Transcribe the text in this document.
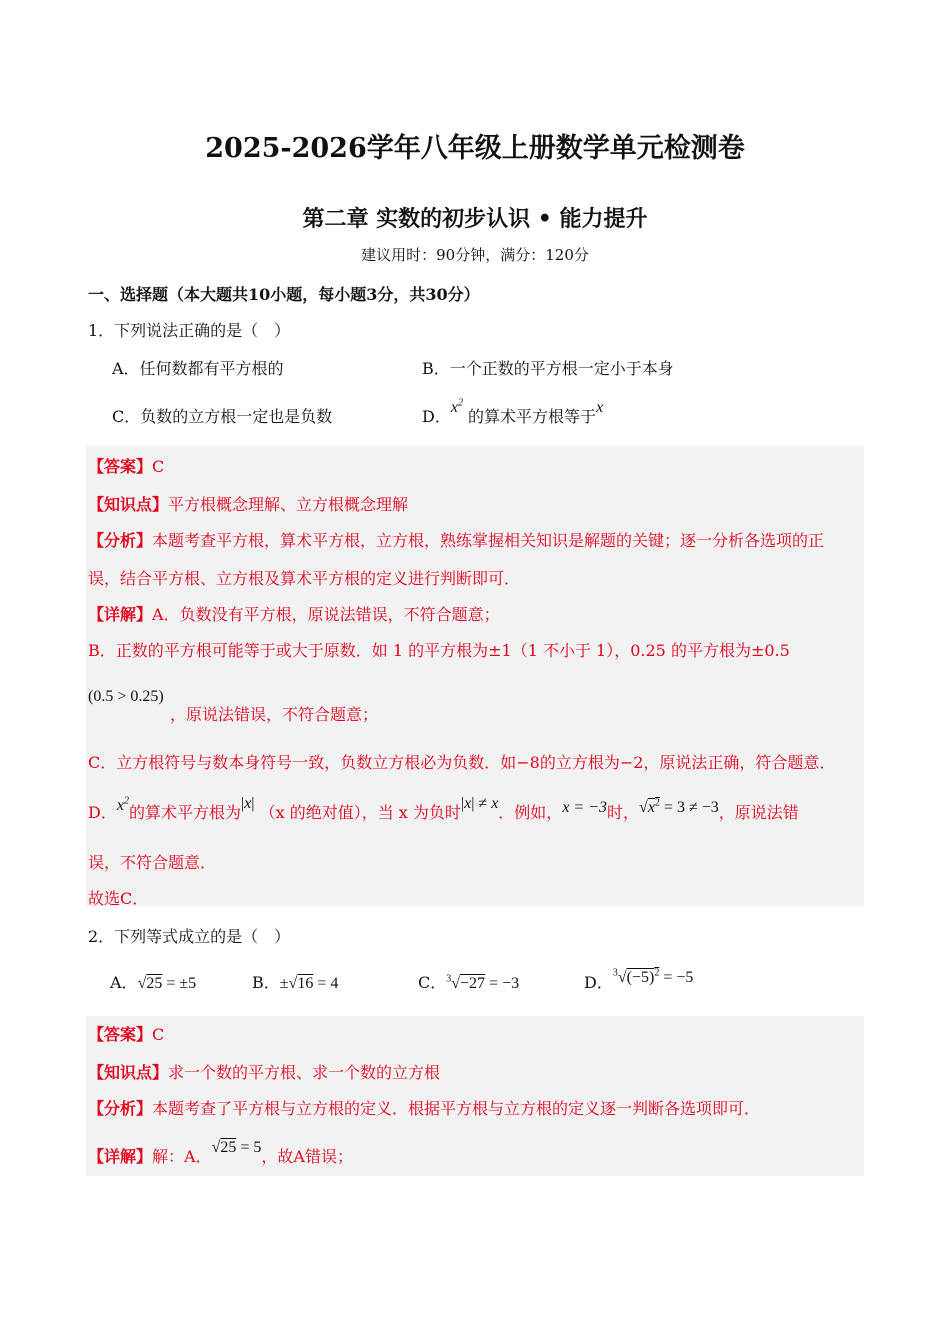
2025-2026学年八年级上册数学单元检测卷
第二章 实数的初步认识 • 能力提升
建议用时：90分钟，满分：120分
一、选择题（本大题共10小题，每小题3分，共30分）
1．下列说法正确的是（　）
A．任何数都有平方根的	B．一个正数的平方根一定小于本身
C．负数的立方根一定也是负数	D．$x^2$ 的算术平方根等于x
【答案】C
【知识点】平方根概念理解、立方根概念理解
【分析】本题考查平方根，算术平方根，立方根，熟练掌握相关知识是解题的关键；逐一分析各选项的正
误，结合平方根、立方根及算术平方根的定义进行判断即可．
【详解】A．负数没有平方根，原说法错误，不符合题意；
B．正数的平方根可能等于或大于原数．如 1 的平方根为±1（1 不小于 1），0.25 的平方根为±0.5
(0.5 > 0.25)
，原说法错误，不符合题意；
C．立方根符号与数本身符号一致，负数立方根必为负数．如−8的立方根为−2，原说法正确，符合题意．
D．$x^2$的算术平方根为|x| （x 的绝对值），当 x 为负时|x| ≠ x．例如，x = −3时，$√x^2 = 3 \ne -3$，原说法错
误，不符合题意．
故选C．
2．下列等式成立的是（　）
A．√25 = ±5	B．±√16 = 4	C．$^3$√−27 = −3	D．$^3√(-5)^2 = -5$
【答案】C
【知识点】求一个数的平方根、求一个数的立方根
【分析】本题考查了平方根与立方根的定义．根据平方根与立方根的定义逐一判断各选项即可．
【详解】解：A．√25 = 5，故A错误；
